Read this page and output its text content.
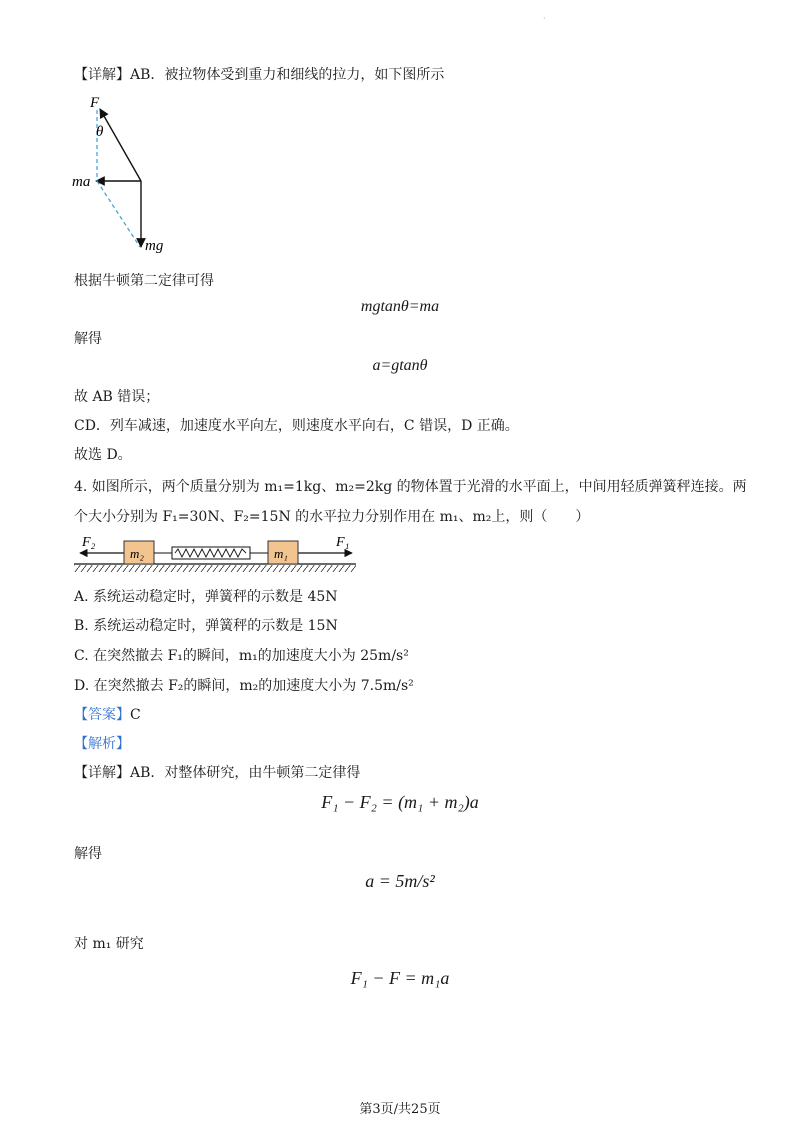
·
【详解】AB．被拉物体受到重力和细线的拉力，如下图所示
F
θ
ma
mg
根据牛顿第二定律可得
mgtanθ=ma
解得
a=gtanθ
故 AB 错误；
CD．列车减速，加速度水平向左，则速度水平向右，C 错误，D 正确。
故选 D。
4. 如图所示，两个质量分别为 m₁=1kg、m₂=2kg 的物体置于光滑的水平面上，中间用轻质弹簧秤连接。两
个大小分别为 F₁=30N、F₂=15N 的水平拉力分别作用在 m₁、m₂上，则（　　）
F₂	F₁
m₂	m₁
A. 系统运动稳定时，弹簧秤的示数是 45N
B. 系统运动稳定时，弹簧秤的示数是 15N
C. 在突然撤去 F₁的瞬间，m₁的加速度大小为 25m/s²
D. 在突然撤去 F₂的瞬间，m₂的加速度大小为 7.5m/s²
【答案】C
【解析】
【详解】AB．对整体研究，由牛顿第二定律得
F₁ − F₂ = (m₁ + m₂)a
解得
a = 5m/s²
对 m₁ 研究
F₁ − F = m₁a
第3页/共25页
